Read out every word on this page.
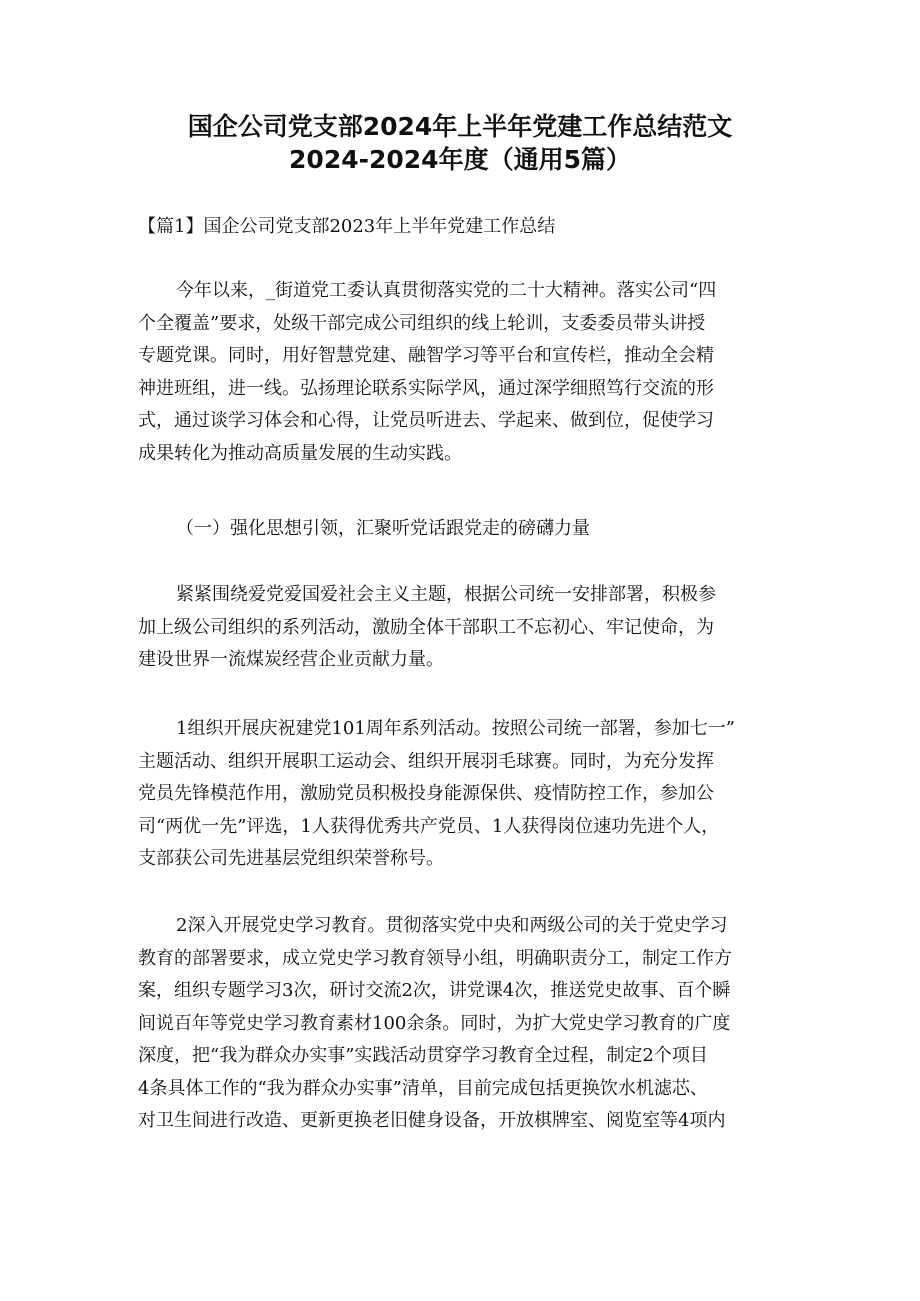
国企公司党支部2024年上半年党建工作总结范文
2024-2024年度（通用5篇）
【篇1】国企公司党支部2023年上半年党建工作总结
今年以来，_街道党工委认真贯彻落实党的二十大精神。落实公司“四
个全覆盖”要求，处级干部完成公司组织的线上轮训，支委委员带头讲授
专题党课。同时，用好智慧党建、融智学习等平台和宣传栏，推动全会精
神进班组，进一线。弘扬理论联系实际学风，通过深学细照笃行交流的形
式，通过谈学习体会和心得，让党员听进去、学起来、做到位，促使学习
成果转化为推动高质量发展的生动实践。
（一）强化思想引领，汇聚听党话跟党走的磅礴力量
紧紧围绕爱党爱国爱社会主义主题，根据公司统一安排部署，积极参
加上级公司组织的系列活动，激励全体干部职工不忘初心、牢记使命，为
建设世界一流煤炭经营企业贡献力量。
1组织开展庆祝建党101周年系列活动。按照公司统一部署，参加七一”
主题活动、组织开展职工运动会、组织开展羽毛球赛。同时，为充分发挥
党员先锋模范作用，激励党员积极投身能源保供、疫情防控工作，参加公
司“两优一先”评选，1人获得优秀共产党员、1人获得岗位速功先进个人，
支部获公司先进基层党组织荣誉称号。
2深入开展党史学习教育。贯彻落实党中央和两级公司的关于党史学习
教育的部署要求，成立党史学习教育领导小组，明确职责分工，制定工作方
案，组织专题学习3次，研讨交流2次，讲党课4次，推送党史故事、百个瞬
间说百年等党史学习教育素材100余条。同时，为扩大党史学习教育的广度
深度，把“我为群众办实事”实践活动贯穿学习教育全过程，制定2个项目
4条具体工作的“我为群众办实事”清单，目前完成包括更换饮水机滤芯、
对卫生间进行改造、更新更换老旧健身设备，开放棋牌室、阅览室等4项内
